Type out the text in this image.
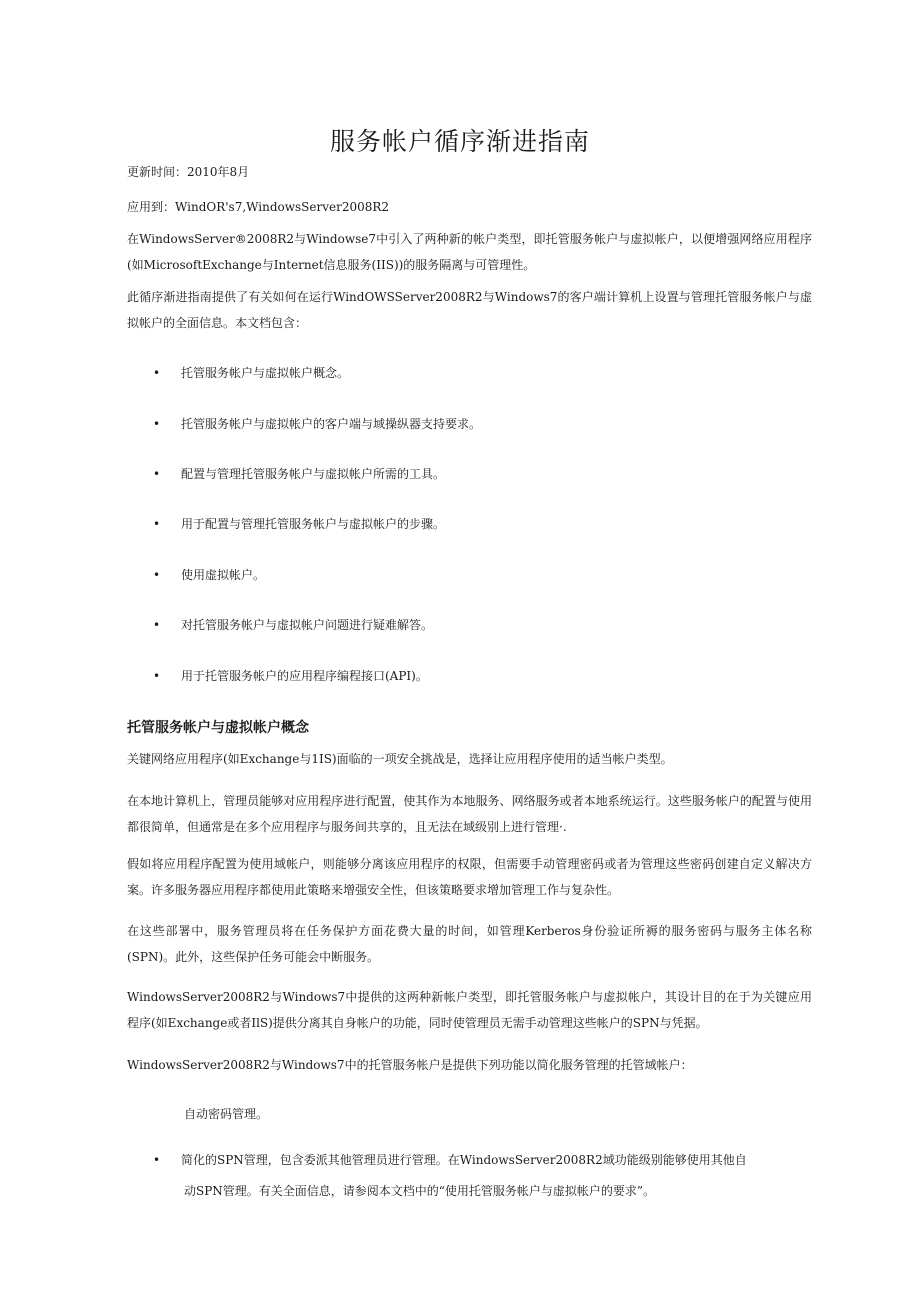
服务帐户循序渐进指南

更新时间：2010年8月

应用到：WindOR's7,WindowsServer2008R2

在WindowsServer®2008R2与Windowse7中引入了两种新的帐户类型，即托管服务帐户与虚拟帐户，以便增强网络应用程序(如MicrosoftExchange与Internet信息服务(IIS))的服务隔离与可管理性。

此循序渐进指南提供了有关如何在运行WindOWSServer2008R2与Windows7的客户端计算机上设置与管理托管服务帐户与虚拟帐户的全面信息。本文档包含：

• 托管服务帐户与虚拟帐户概念。

• 托管服务帐户与虚拟帐户的客户端与域操纵器支持要求。

• 配置与管理托管服务帐户与虚拟帐户所需的工具。

• 用于配置与管理托管服务帐户与虚拟帐户的步骤。

• 使用虚拟帐户。

• 对托管服务帐户与虚拟帐户问题进行疑难解答。

• 用于托管服务帐户的应用程序编程接口(API)。

托管服务帐户与虚拟帐户概念

关键网络应用程序(如Exchange与1IS)面临的一项安全挑战是，选择让应用程序使用的适当帐户类型。

在本地计算机上，管理员能够对应用程序进行配置，使其作为本地服务、网络服务或者本地系统运行。这些服务帐户的配置与使用都很简单，但通常是在多个应用程序与服务间共享的，且无法在域级别上进行管理·.

假如将应用程序配置为使用域帐户，则能够分离该应用程序的权限，但需要手动管理密码或者为管理这些密码创建自定义解决方案。许多服务器应用程序都使用此策略来增强安全性，但该策略要求增加管理工作与复杂性。

在这些部署中，服务管理员将在任务保护方面花费大量的时间，如管理Kerberos身份验证所褥的服务密码与服务主体名称(SPN)。此外，这些保护任务可能会中断服务。

WindowsServer2008R2与Windows7中提供的这两种新帐户类型，即托管服务帐户与虚拟帐户，其设计目的在于为关键应用程序(如Exchange或者IlS)提供分离其自身帐户的功能，同时使管理员无需手动管理这些帐户的SPN与凭据。

WindowsServer2008R2与Windows7中的托管服务帐户是提供下列功能以简化服务管理的托管域帐户：

自动密码管理。

• 简化的SPN管理，包含委派其他管理员进行管理。在WindowsServer2008R2域功能级别能够使用其他自

动SPN管理。有关全面信息，请参阅本文档中的“使用托管服务帐户与虚拟帐户的要求”。
